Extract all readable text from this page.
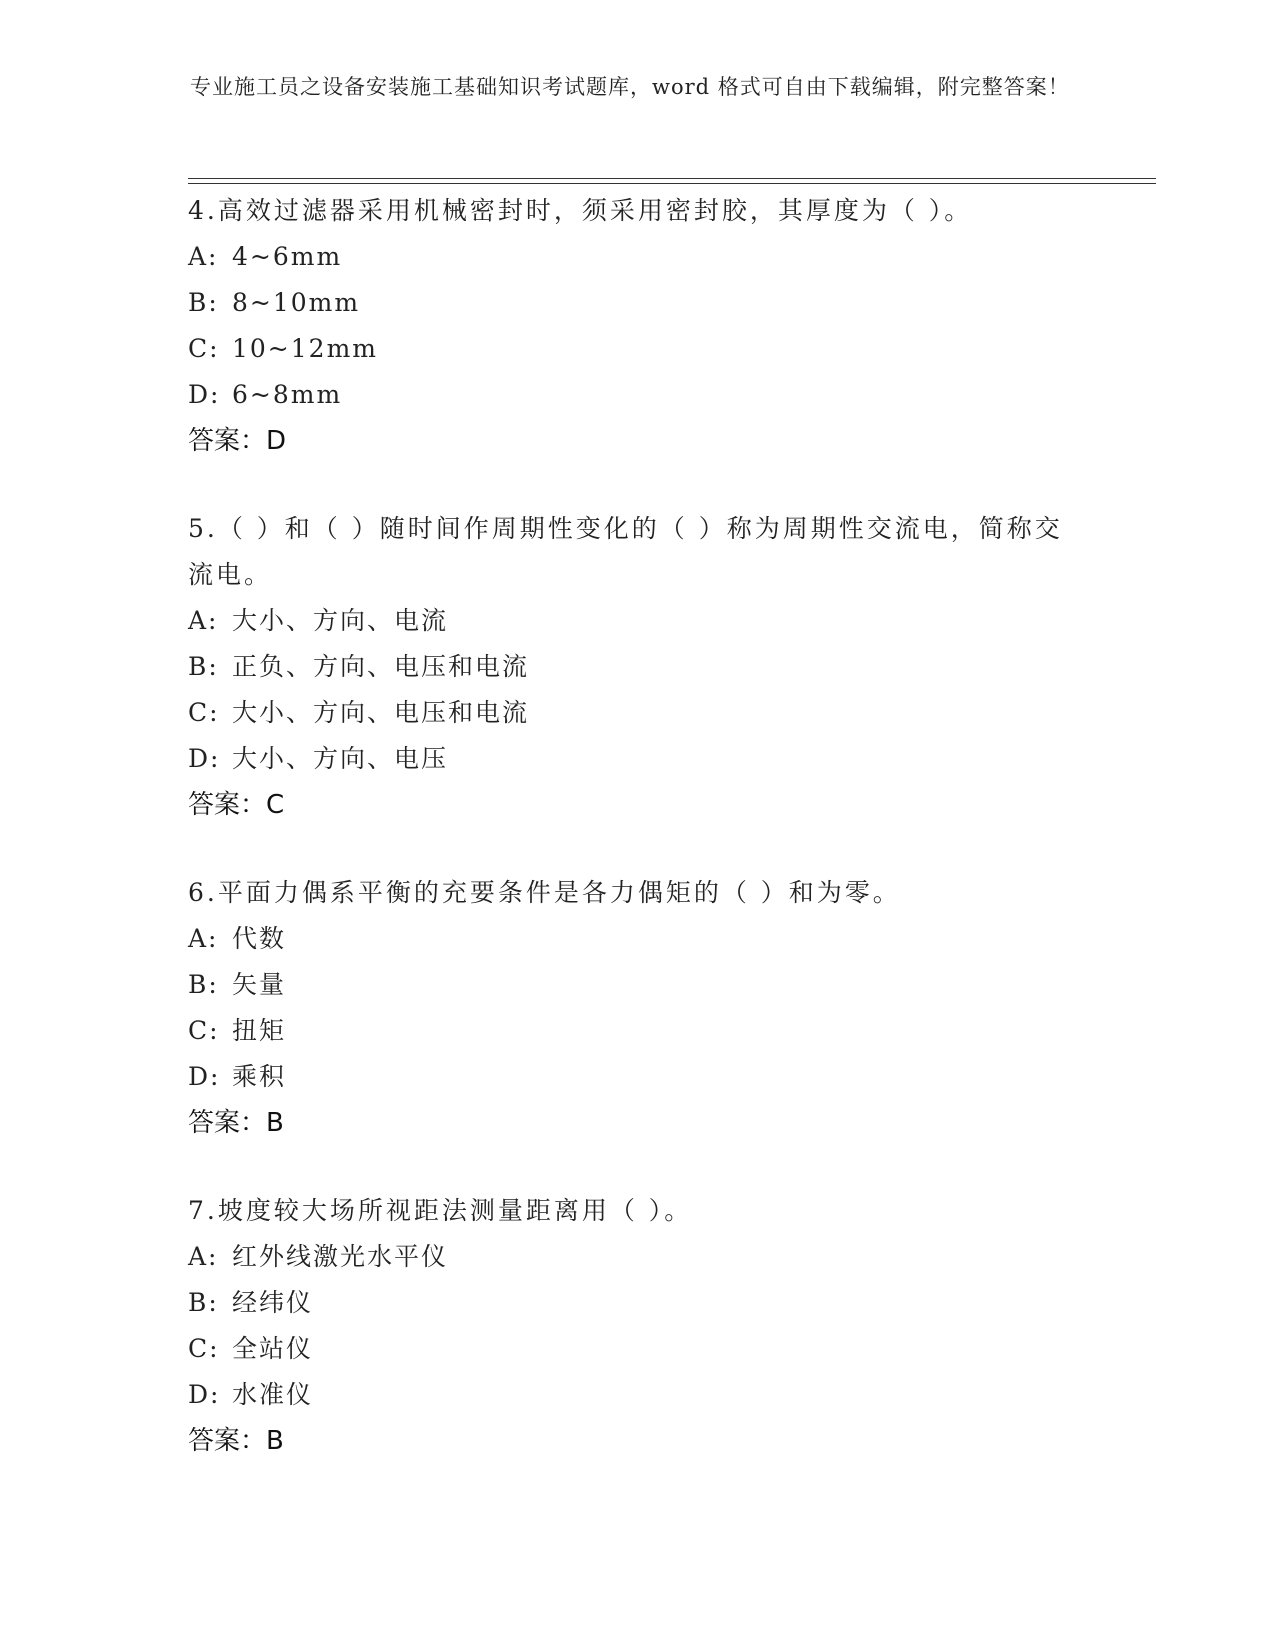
专业施工员之设备安装施工基础知识考试题库，word 格式可自由下载编辑，附完整答案！

4.高效过滤器采用机械密封时，须采用密封胶，其厚度为（ ）。

A: 4~6mm

B: 8~10mm

C: 10~12mm

D: 6~8mm

答案：D

5.（ ）和（ ）随时间作周期性变化的（ ）称为周期性交流电，简称交流电。

A: 大小、方向、电流

B: 正负、方向、电压和电流

C: 大小、方向、电压和电流

D: 大小、方向、电压

答案：C

6.平面力偶系平衡的充要条件是各力偶矩的（ ）和为零。

A: 代数

B: 矢量

C: 扭矩

D: 乘积

答案：B

7.坡度较大场所视距法测量距离用（ ）。

A: 红外线激光水平仪

B: 经纬仪

C: 全站仪

D: 水准仪

答案：B
